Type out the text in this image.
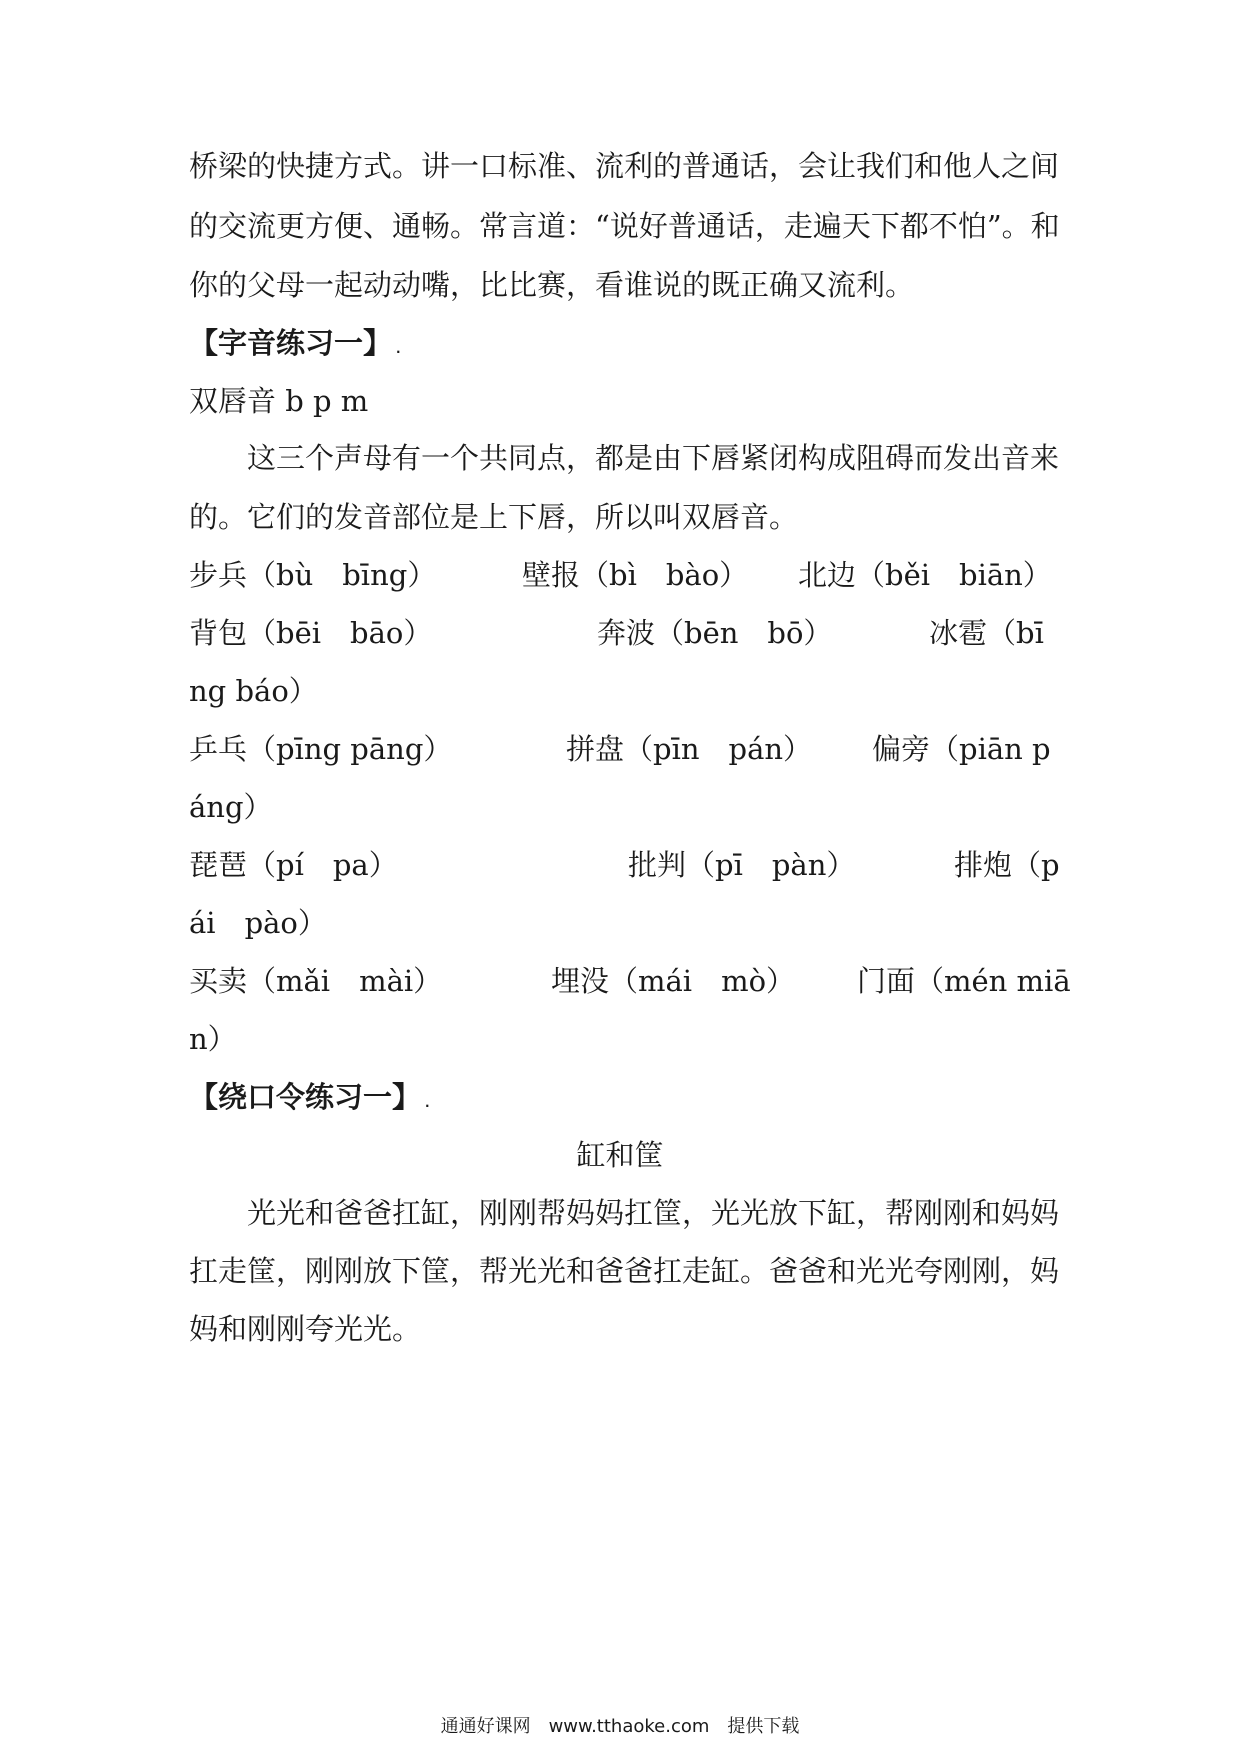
桥梁的快捷方式。讲一口标准、流利的普通话，会让我们和他人之间
的交流更方便、通畅。常言道：“说好普通话，走遍天下都不怕”。和
你的父母一起动动嘴，比比赛，看谁说的既正确又流利。
【字音练习一】 .
双唇音 b p m
　　这三个声母有一个共同点，都是由下唇紧闭构成阻碍而发出音来
的。它们的发音部位是上下唇，所以叫双唇音。
步兵（bù　bīng）	壁报（bì　bào） 北边（běi　biān）
背包（bēi　bāo）	奔波（bēn　bō）	冰雹（bī
ng báo）
乒乓（pīng pāng）	拼盘（pīn　pán） 偏旁（piān p
áng）
琵琶（pí　pa）	批判（pī　pàn）	排炮（p
ái　pào）
买卖（mǎi　mài）	埋没（mái　mò） 门面（mén miā
n）
【绕口令练习一】 .
缸和筐
　　光光和爸爸扛缸，刚刚帮妈妈扛筐，光光放下缸，帮刚刚和妈妈
扛走筐，刚刚放下筐，帮光光和爸爸扛走缸。爸爸和光光夸刚刚，妈
妈和刚刚夸光光。
通通好课网　www.tthaoke.com　提供下载
